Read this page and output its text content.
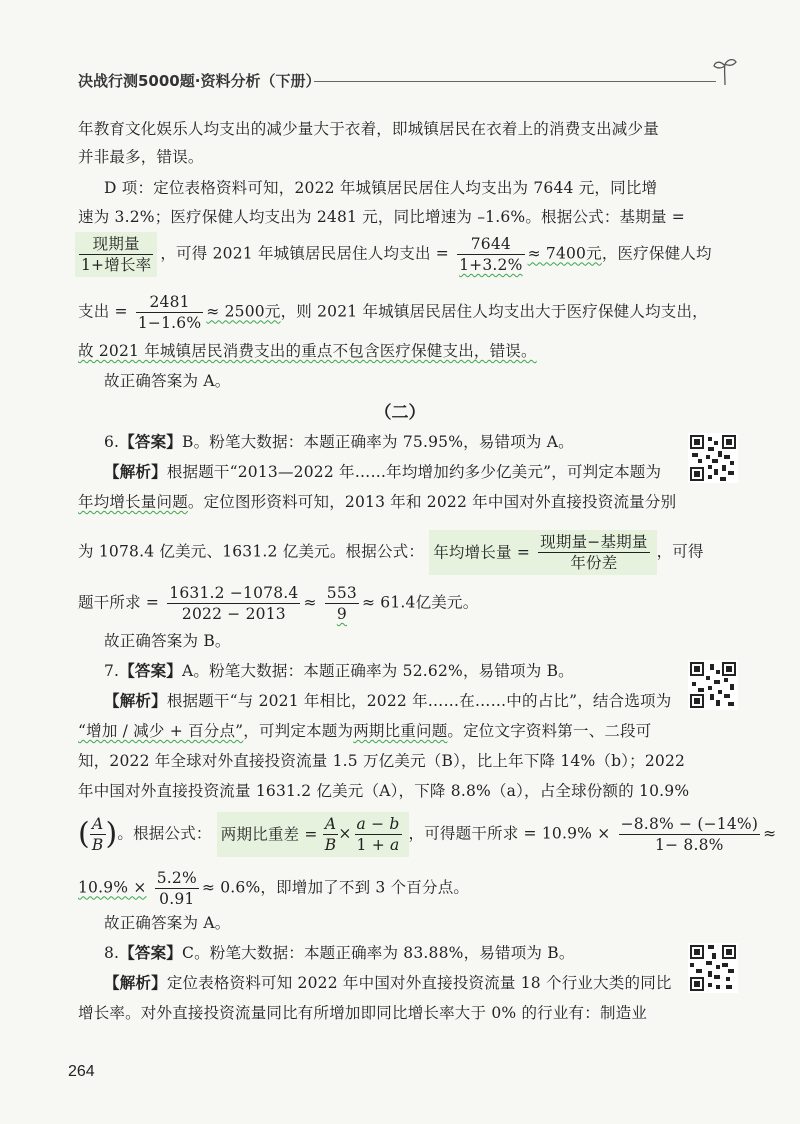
决战行测5000题·资料分析（下册）
年教育文化娱乐人均支出的减少量大于衣着，即城镇居民在衣着上的消费支出减少量
并非最多，错误。
D 项：定位表格资料可知，2022 年城镇居民居住人均支出为 7644 元，同比增
速为 3.2%；医疗保健人均支出为 2481 元，同比增速为 –1.6%。根据公式：基期量 =
$\frac{\text{现期量}}{\text{1+增长率}}$ ，可得 2021 年城镇居民居住人均支出 = $\frac{7644}{1+3.2\%} \approx 7400$元，医疗保健人均
支出 = $\frac{2481}{1-1.6\%} \approx 2500$元，则 2021 年城镇居民居住人均支出大于医疗保健人均支出，
故 2021 年城镇居民消费支出的重点不包含医疗保健支出，错误。
故正确答案为 A。
（二）
6.【答案】B。粉笔大数据：本题正确率为 75.95%，易错项为 A。
【解析】根据题干“2013—2022 年……年均增加约多少亿美元”，可判定本题为
年均增长量问题。定位图形资料可知，2013 年和 2022 年中国对外直接投资流量分别
为 1078.4 亿美元、1631.2 亿美元。根据公式： 年均增长量 = $\frac{\text{现期量−基期量}}{\text{年份差}}$ ，可得
题干所求 = $\frac{1631.2 -1078.4}{2022 - 2013} \approx \frac{553}{9} \approx 61.4$亿美元。
故正确答案为 B。
7.【答案】A。粉笔大数据：本题正确率为 52.62%，易错项为 B。
【解析】根据题干“与 2021 年相比，2022 年……在……中的占比”，结合选项为
“增加 / 减少 + 百分点”，可判定本题为两期比重问题。定位文字资料第一、二段可
知，2022 年全球对外直接投资流量 1.5 万亿美元（B），比上年下降 14%（b）；2022
年中国对外直接投资流量 1631.2 亿美元（A），下降 8.8%（a），占全球份额的 10.9%
( $\frac{A}{B}$ )。根据公式： 两期比重差 = $\frac{A}{B} \times \frac{a - b}{1 + a}$ ，可得题干所求 = $10.9\% \times \frac{-8.8\% - (-14\%)}{1- 8.8\%}$ ≈
$10.9\% \times \frac{5.2\%}{0.91} \approx 0.6\%$，即增加了不到 3 个百分点。
故正确答案为 A。
8.【答案】C。粉笔大数据：本题正确率为 83.88%，易错项为 B。
【解析】定位表格资料可知 2022 年中国对外直接投资流量 18 个行业大类的同比
增长率。对外直接投资流量同比有所增加即同比增长率大于 0% 的行业有：制造业
264
